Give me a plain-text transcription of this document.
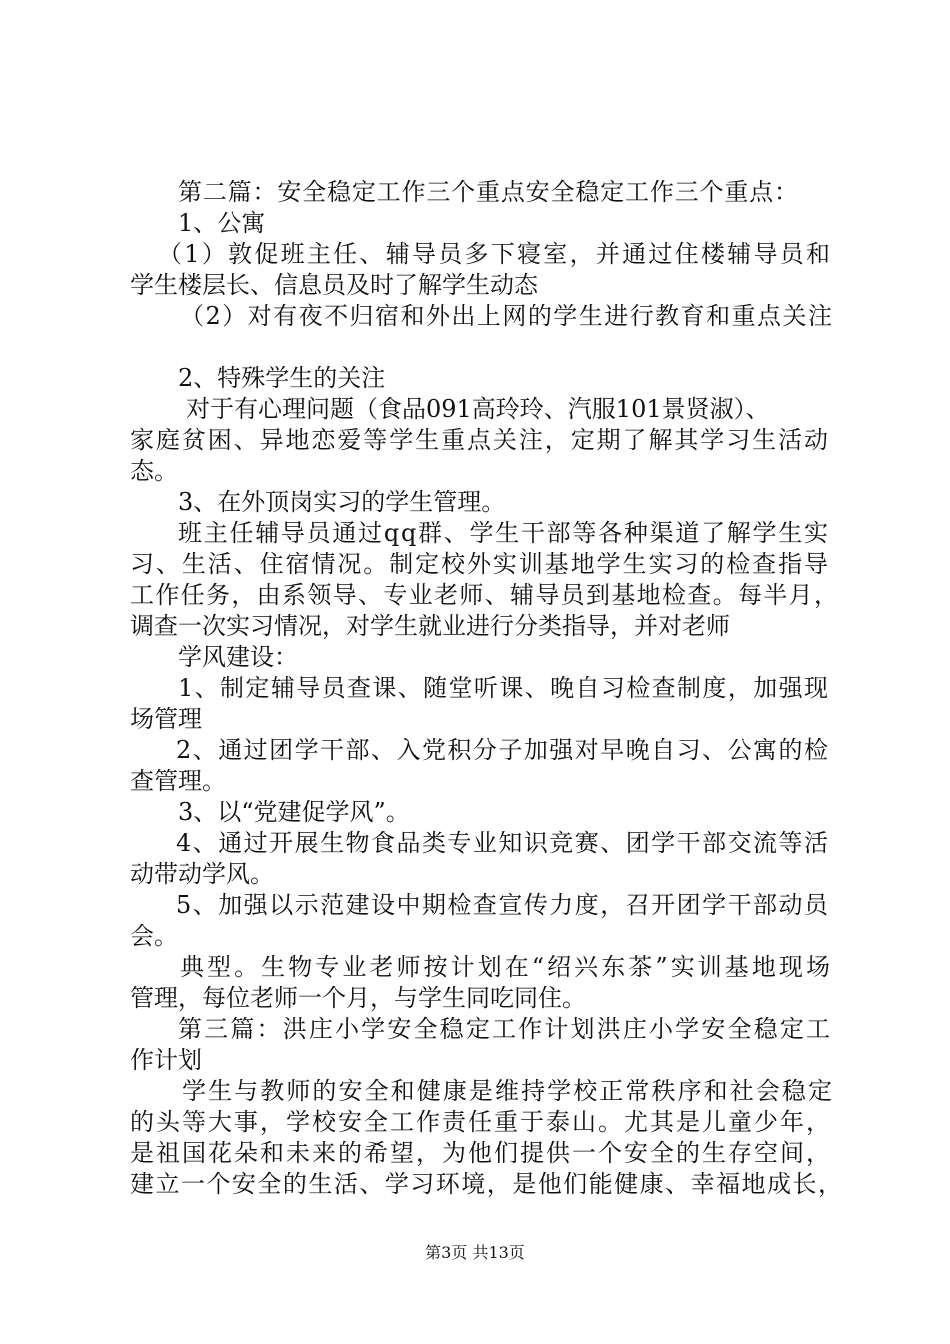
第二篇：安全稳定工作三个重点安全稳定工作三个重点：
1、公寓
（1）敦促班主任、辅导员多下寝室，并通过住楼辅导员和
学生楼层长、信息员及时了解学生动态
（2）对有夜不归宿和外出上网的学生进行教育和重点关注
2、特殊学生的关注
对于有心理问题（食品091高玲玲、汽服101景贤淑）、
家庭贫困、异地恋爱等学生重点关注，定期了解其学习生活动
态。
3、在外顶岗实习的学生管理。
班主任辅导员通过qq群、学生干部等各种渠道了解学生实
习、生活、住宿情况。制定校外实训基地学生实习的检查指导
工作任务，由系领导、专业老师、辅导员到基地检查。每半月，
调查一次实习情况，对学生就业进行分类指导，并对老师
学风建设：
1、制定辅导员查课、随堂听课、晚自习检查制度，加强现
场管理
2、通过团学干部、入党积分子加强对早晚自习、公寓的检
查管理。
3、以“党建促学风”。
4、通过开展生物食品类专业知识竞赛、团学干部交流等活
动带动学风。
5、加强以示范建设中期检查宣传力度，召开团学干部动员
会。
典型。生物专业老师按计划在“绍兴东茶”实训基地现场
管理，每位老师一个月，与学生同吃同住。
第三篇：洪庄小学安全稳定工作计划洪庄小学安全稳定工
作计划
学生与教师的安全和健康是维持学校正常秩序和社会稳定
的头等大事，学校安全工作责任重于泰山。尤其是儿童少年，
是祖国花朵和未来的希望，为他们提供一个安全的生存空间，
建立一个安全的生活、学习环境，是他们能健康、幸福地成长，
第3页 共13页
